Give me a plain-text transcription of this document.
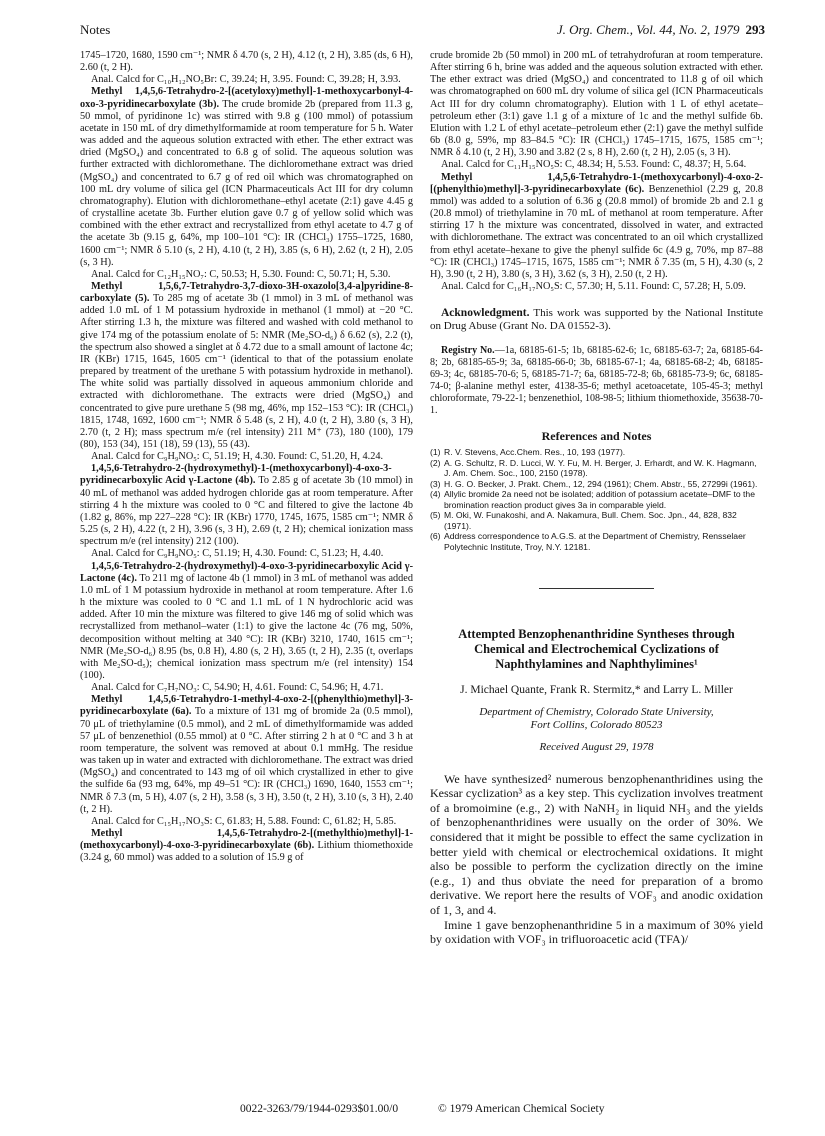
Notes	J. Org. Chem., Vol. 44, No. 2, 1979 293

1745–1720, 1680, 1590 cm⁻¹; NMR δ 4.70 (s, 2 H), 4.12 (t, 2 H), 3.85 (ds, 6 H), 2.60 (t, 2 H).

Anal. Calcd for C₁₀H₁₂NO₅Br: C, 39.24; H, 3.95. Found: C, 39.28; H, 3.93.

Methyl 1,4,5,6-Tetrahydro-2-[(acetyloxy)methyl]-1-methoxycarbonyl-4-oxo-3-pyridinecarboxylate (3b). The crude bromide 2b (prepared from 11.3 g, 50 mmol, of pyridinone 1c) was stirred with 9.8 g (100 mmol) of potassium acetate in 150 mL of dry dimethylformamide at room temperature for 5 h. Water was added and the aqueous solution extracted with ether. The ether extract was dried (MgSO₄) and concentrated to 6.8 g of solid. The aqueous solution was further extracted with dichloromethane. The dichloromethane extract was dried (MgSO₄) and concentrated to 6.7 g of red oil which was chromatographed on 100 mL dry volume of silica gel (ICN Pharmaceuticals Act III for dry column chromatography). Elution with dichloromethane–ethyl acetate (2:1) gave 4.45 g of crystalline acetate 3b. Further elution gave 0.7 g of yellow solid which was combined with the ether extract and recrystallized from ethyl acetate to 4.7 g of the acetate 3b (9.15 g, 64%, mp 100–101 °C): IR (CHCl₃) 1755–1725, 1680, 1600 cm⁻¹; NMR δ 5.10 (s, 2 H), 4.10 (t, 2 H), 3.85 (s, 6 H), 2.62 (t, 2 H), 2.05 (s, 3 H).

Anal. Calcd for C₁₂H₁₅NO₇: C, 50.53; H, 5.30. Found: C, 50.71; H, 5.30.

Methyl 1,5,6,7-Tetrahydro-3,7-dioxo-3H-oxazolo[3,4-a]pyridine-8-carboxylate (5). To 285 mg of acetate 3b (1 mmol) in 3 mL of methanol was added 1.0 mL of 1 M potassium hydroxide in methanol (1 mmol) at −20 °C. After stirring 1.3 h, the mixture was filtered and washed with cold methanol to give 174 mg of the potassium enolate of 5: NMR (Me₂SO-d₆) δ 6.62 (s), 2.2 (t), the spectrum also showed a singlet at δ 4.72 due to a small amount of lactone 4c; IR (KBr) 1715, 1645, 1605 cm⁻¹ (identical to that of the potassium enolate prepared by treatment of the urethane 5 with potassium hydroxide in methanol). The white solid was partially dissolved in aqueous ammonium chloride and extracted with dichloromethane. The extracts were dried (MgSO₄) and concentrated to give pure urethane 5 (98 mg, 46%, mp 152–153 °C): IR (CHCl₃) 1815, 1748, 1692, 1600 cm⁻¹; NMR δ 5.48 (s, 2 H), 4.0 (t, 2 H), 3.80 (s, 3 H), 2.70 (t, 2 H); mass spectrum m/e (rel intensity) 211 M⁺ (73), 180 (100), 179 (80), 153 (34), 151 (18), 59 (13), 55 (43).

Anal. Calcd for C₉H₉NO₅: C, 51.19; H, 4.30. Found: C, 51.20, H, 4.24.

1,4,5,6-Tetrahydro-2-(hydroxymethyl)-1-(methoxycarbonyl)-4-oxo-3-pyridinecarboxylic Acid γ-Lactone (4b). To 2.85 g of acetate 3b (10 mmol) in 40 mL of methanol was added hydrogen chloride gas at room temperature. After stirring 4 h the mixture was cooled to 0 °C and filtered to give the lactone 4b (1.82 g, 86%, mp 227–228 °C): IR (KBr) 1770, 1745, 1675, 1585 cm⁻¹; NMR δ 5.25 (s, 2 H), 4.22 (t, 2 H), 3.96 (s, 3 H), 2.69 (t, 2 H); chemical ionization mass spectrum m/e (rel intensity) 212 (100).

Anal. Calcd for C₉H₉NO₅: C, 51.19; H, 4.30. Found: C, 51.23; H, 4.40.

1,4,5,6-Tetrahydro-2-(hydroxymethyl)-4-oxo-3-pyridinecarboxylic Acid γ-Lactone (4c). To 211 mg of lactone 4b (1 mmol) in 3 mL of methanol was added 1.0 mL of 1 M potassium hydroxide in methanol at room temperature. After 1.6 h the mixture was cooled to 0 °C and 1.1 mL of 1 N hydrochloric acid was added. After 10 min the mixture was filtered to give 146 mg of solid which was recrystallized from methanol–water (1:1) to give the lactone 4c (76 mg, 50%, decomposition without melting at 340 °C): IR (KBr) 3210, 1740, 1615 cm⁻¹; NMR (Me₂SO-d₆) 8.95 (bs, 0.8 H), 4.80 (s, 2 H), 3.65 (t, 2 H), 2.35 (t, overlaps with Me₂SO-d₅); chemical ionization mass spectrum m/e (rel intensity) 154 (100).

Anal. Calcd for C₇H₇NO₃: C, 54.90; H, 4.61. Found: C, 54.96; H, 4.71.

Methyl 1,4,5,6-Tetrahydro-1-methyl-4-oxo-2-[(phenylthio)methyl]-3-pyridinecarboxylate (6a). To a mixture of 131 mg of bromide 2a (0.5 mmol), 70 μL of triethylamine (0.5 mmol), and 2 mL of dimethylformamide was added 57 μL of benzenethiol (0.55 mmol) at 0 °C. After stirring 2 h at 0 °C and 3 h at room temperature, the solvent was removed at about 0.1 mmHg. The residue was taken up in water and extracted with dichloromethane. The extract was dried (MgSO₄) and concentrated to 143 mg of oil which crystallized in ether to give the sulfide 6a (93 mg, 64%, mp 49–51 °C): IR (CHCl₃) 1690, 1640, 1553 cm⁻¹; NMR δ 7.3 (m, 5 H), 4.07 (s, 2 H), 3.58 (s, 3 H), 3.50 (t, 2 H), 3.10 (s, 3 H), 2.40 (t, 2 H).

Anal. Calcd for C₁₅H₁₇NO₃S: C, 61.83; H, 5.88. Found: C, 61.82; H, 5.85.

Methyl 1,4,5,6-Tetrahydro-2-[(methylthio)methyl]-1-(methoxycarbonyl)-4-oxo-3-pyridinecarboxylate (6b). Lithium thiomethoxide (3.24 g, 60 mmol) was added to a solution of 15.9 g of

crude bromide 2b (50 mmol) in 200 mL of tetrahydrofuran at room temperature. After stirring 6 h, brine was added and the aqueous solution extracted with ether. The ether extract was dried (MgSO₄) and concentrated to 11.8 g of oil which was chromatographed on 600 mL dry volume of silica gel (ICN Pharmaceuticals Act III for dry column chromatography). Elution with 1 L of ethyl acetate–petroleum ether (3:1) gave 1.1 g of a mixture of 1c and the methyl sulfide 6b. Elution with 1.2 L of ethyl acetate–petroleum ether (2:1) gave the methyl sulfide 6b (8.0 g, 59%, mp 83–84.5 °C): IR (CHCl₃) 1745–1715, 1675, 1585 cm⁻¹; NMR δ 4.10 (t, 2 H), 3.90 and 3.82 (2 s, 8 H), 2.60 (t, 2 H), 2.05 (s, 3 H).

Anal. Calcd for C₁₁H₁₅NO₅S: C, 48.34; H, 5.53. Found: C, 48.37; H, 5.64.

Methyl 1,4,5,6-Tetrahydro-1-(methoxycarbonyl)-4-oxo-2-[(phenylthio)methyl]-3-pyridinecarboxylate (6c). Benzenethiol (2.29 g, 20.8 mmol) was added to a solution of 6.36 g (20.8 mmol) of bromide 2b and 2.1 g (20.8 mmol) of triethylamine in 70 mL of methanol at room temperature. After stirring 17 h the mixture was concentrated, dissolved in water, and extracted with dichloromethane. The extract was concentrated to an oil which crystallized from ethyl acetate–hexane to give the phenyl sulfide 6c (4.9 g, 70%, mp 87–88 °C): IR (CHCl₃) 1745–1715, 1675, 1585 cm⁻¹; NMR δ 7.35 (m, 5 H), 4.30 (s, 2 H), 3.90 (t, 2 H), 3.80 (s, 3 H), 3.62 (s, 3 H), 2.50 (t, 2 H).

Anal. Calcd for C₁₆H₁₇NO₅S: C, 57.30; H, 5.11. Found: C, 57.28; H, 5.09.

Acknowledgment. This work was supported by the National Institute on Drug Abuse (Grant No. DA 01552-3).

Registry No.—1a, 68185-61-5; 1b, 68185-62-6; 1c, 68185-63-7; 2a, 68185-64-8; 2b, 68185-65-9; 3a, 68185-66-0; 3b, 68185-67-1; 4a, 68185-68-2; 4b, 68185-69-3; 4c, 68185-70-6; 5, 68185-71-7; 6a, 68185-72-8; 6b, 68185-73-9; 6c, 68185-74-0; β-alanine methyl ester, 4138-35-6; methyl acetoacetate, 105-45-3; methyl chloroformate, 79-22-1; benzenethiol, 108-98-5; lithium thiomethoxide, 35638-70-1.

References and Notes
(1) R. V. Stevens, Acc.Chem. Res., 10, 193 (1977).
(2) A. G. Schultz, R. D. Lucci, W. Y. Fu, M. H. Berger, J. Erhardt, and W. K. Hagmann, J. Am. Chem. Soc., 100, 2150 (1978).
(3) H. G. O. Becker, J. Prakt. Chem., 12, 294 (1961); Chem. Abstr., 55, 27299i (1961).
(4) Allylic bromide 2a need not be isolated; addition of potassium acetate–DMF to the bromination reaction product gives 3a in comparable yield.
(5) M. Oki, W. Funakoshi, and A. Nakamura, Bull. Chem. Soc. Jpn., 44, 828, 832 (1971).
(6) Address correspondence to A.G.S. at the Department of Chemistry, Rensselaer Polytechnic Institute, Troy, N.Y. 12181.
Attempted Benzophenanthridine Syntheses through Chemical and Electrochemical Cyclizations of Naphthylamines and Naphthylimines¹
J. Michael Quante, Frank R. Stermitz,* and Larry L. Miller
Department of Chemistry, Colorado State University,
Fort Collins, Colorado 80523
Received August 29, 1978

We have synthesized² numerous benzophenanthridines using the Kessar cyclization³ as a key step. This cyclization involves treatment of a bromoimine (e.g., 2) with NaNH₂ in liquid NH₃ and the yields of benzophenanthridines were usually on the order of 30%. We considered that it might be possible to effect the same cyclization in better yield with chemical or electrochemical oxidations. It might also be possible to perform the cyclization directly on the imine (e.g., 1) and thus obviate the need for preparation of a bromo derivative. We report here the results of VOF₃ and anodic oxidation of 1, 3, and 4.

Imine 1 gave benzophenanthridine 5 in a maximum of 30% yield by oxidation with VOF₃ in trifluoroacetic acid (TFA)/

0022-3263/79/1944-0293$01.00/0	© 1979 American Chemical Society
